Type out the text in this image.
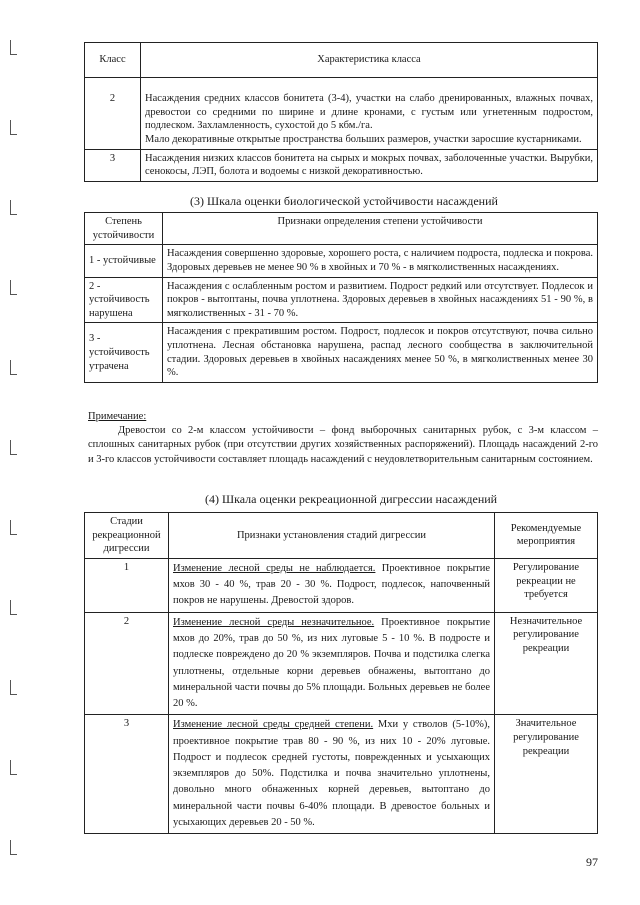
Класс	Характеристика класса
2	Насаждения средних классов бонитета (3-4), участки на слабо дренированных, влажных почвах, древостои со средними по ширине и длине кронами, с густым или угнетенным подростом, подлеском. Захламленность, сухостой до 5 кбм./га.
Мало декоративные открытые пространства больших размеров, участки заросшие кустарниками.
3	Насаждения низких классов бонитета на сырых и мокрых почвах, заболоченные участки. Вырубки, сенокосы, ЛЭП, болота и водоемы с низкой декоративностью.
(3) Шкала оценки биологической устойчивости насаждений
Степень устойчивости	Признаки определения степени устойчивости
1 - устойчивые	Насаждения совершенно здоровые, хорошего роста, с наличием подроста, подлеска и покрова. Здоровых деревьев не менее 90 % в хвойных и 70 % - в мягколиственных насаждениях.
2 - устойчивость нарушена	Насаждения с ослабленным ростом и развитием. Подрост редкий или отсутствует. Подлесок и покров - вытоптаны, почва уплотнена. Здоровых деревьев в хвойных насаждениях 51 - 90 %, в мягколиственных - 31 - 70 %.
3 - устойчивость утрачена	Насаждения с прекратившим ростом. Подрост, подлесок и покров отсутствуют, почва сильно уплотнена. Лесная обстановка нарушена, распад лесного сообщества в заключительной стадии. Здоровых деревьев в хвойных насаждениях менее 50 %, в мягколиственных менее 30 %.
Примечание:
Древостои со 2-м классом устойчивости – фонд выборочных санитарных рубок, с 3-м классом – сплошных санитарных рубок (при отсутствии других хозяйственных распоряжений). Площадь насаждений 2-го и 3-го классов устойчивости составляет площадь насаждений с неудовлетворительным санитарным состоянием.
(4) Шкала оценки рекреационной дигрессии насаждений
Стадии рекреационной дигрессии	Признаки установления стадий дигрессии	Рекомендуемые мероприятия
1	Изменение лесной среды не наблюдается. Проективное покрытие мхов 30 - 40 %, трав 20 - 30 %. Подрост, подлесок, напочвенный покров не нарушены. Древостой здоров.	Регулирование рекреации не требуется
2	Изменение лесной среды незначительное. Проективное покрытие мхов до 20%, трав до 50 %, из них луговые 5 - 10 %. В подросте и подлеске повреждено до 20 % экземпляров. Почва и подстилка слегка уплотнены, отдельные корни деревьев обнажены, вытоптано до минеральной части почвы до 5% площади. Больных деревьев не более 20 %.	Незначительное регулирование рекреации
3	Изменение лесной среды средней степени. Мхи у стволов (5-10%), проективное покрытие трав 80 - 90 %, из них 10 - 20% луговые. Подрост и подлесок средней густоты, поврежденных и усыхающих экземпляров до 50%. Подстилка и почва значительно уплотнены, довольно много обнаженных корней деревьев, вытоптано до минеральной части почвы 6-40% площади. В древостое больных и усыхающих деревьев 20 - 50 %.	Значительное регулирование рекреации
97
